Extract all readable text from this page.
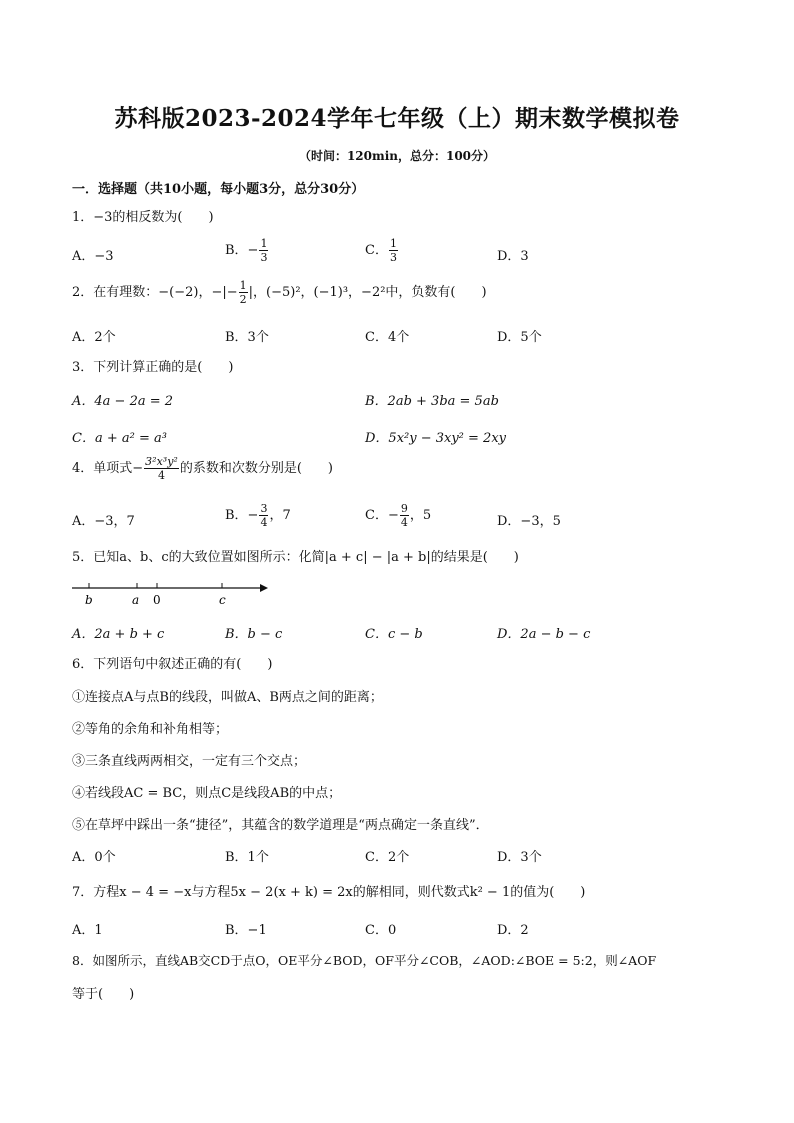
苏科版2023-2024学年七年级（上）期末数学模拟卷
（时间：120min，总分：100分）
一．选择题（共10小题，每小题3分，总分30分）
1．−3的相反数为(　　)
A．−3	B．− $\frac{1}{3}$	C． $\frac{1}{3}$	D．3
2．在有理数：−(−2)，−|− $\frac{1}{2}$ |，(−5)²，(−1)³，−2²中，负数有(　　)
A．2个	B．3个	C．4个	D．5个
3．下列计算正确的是(　　)
A．4a − 2a = 2	B．2ab + 3ba = 5ab
C．a + a² = a³	D．5x²y − 3xy² = 2xy
4．单项式− $\frac{\text{3²x³y²}}{4}$ 的系数和次数分别是(　　)
A．−3，7	B．− $\frac{3}{4}$ ，7	C．− $\frac{9}{4}$ ，5	D．−3，5
5．已知a、b、c的大致位置如图所示：化简|a + c| − |a + b|的结果是(　　)
b	a 0	c
A．2a + b + c	B．b − c	C．c − b	D．2a − b − c
6．下列语句中叙述正确的有(　　)
①连接点A与点B的线段，叫做A、B两点之间的距离；
②等角的余角和补角相等；
③三条直线两两相交，一定有三个交点；
④若线段AC = BC，则点C是线段AB的中点；
⑤在草坪中踩出一条“捷径”，其蕴含的数学道理是“两点确定一条直线”．
A．0个	B．1个	C．2个	D．3个
7．方程x − 4 = −x与方程5x − 2(x + k) = 2x的解相同，则代数式k² − 1的值为(　　)
A．1	B．−1	C．0	D．2
8．如图所示，直线AB交CD于点O，OE平分∠BOD，OF平分∠COB，∠AOD:∠BOE = 5:2，则∠AOF
等于(　　)
